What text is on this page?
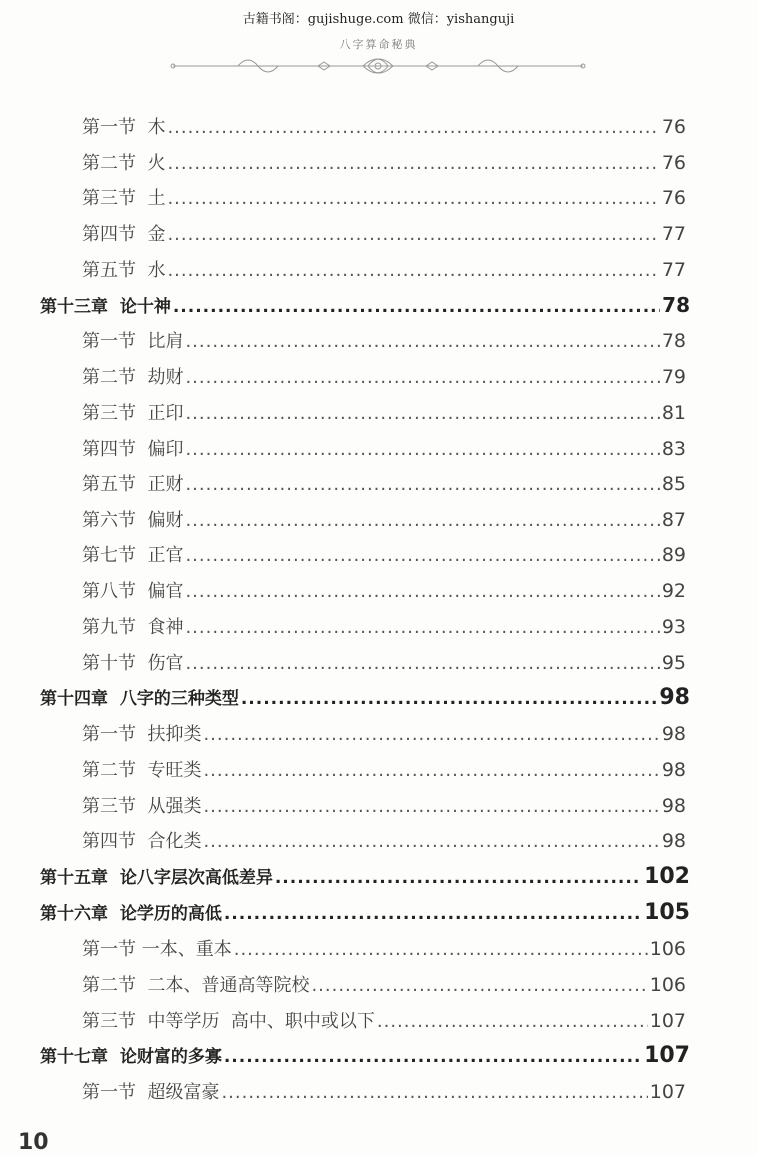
古籍书阁：gujishuge.com 微信：yishanguji
八字算命秘典
第一节  木 .....	76
第二节  火 .....	76
第三节  土 .....	76
第四节  金 .....	77
第五节  水 .....	77
第十三章  论十神 .....	78
第一节  比肩 .....	78
第二节  劫财 .....	79
第三节  正印 .....	81
第四节  偏印 .....	83
第五节  正财 .....	85
第六节  偏财 .....	87
第七节  正官 .....	89
第八节  偏官 .....	92
第九节  食神 .....	93
第十节  伤官 .....	95
第十四章  八字的三种类型 .....	98
第一节  扶抑类 .....	98
第二节  专旺类 .....	98
第三节  从强类 .....	98
第四节  合化类 .....	98
第十五章  论八字层次高低差异 .....	102
第十六章  论学历的高低 .....	105
第一节 一本、重本 .....	106
第二节  二本、普通高等院校 .....	106
第三节  中等学历  高中、职中或以下 .....	107
第十七章  论财富的多寡 .....	107
第一节  超级富豪 .....	107
10
